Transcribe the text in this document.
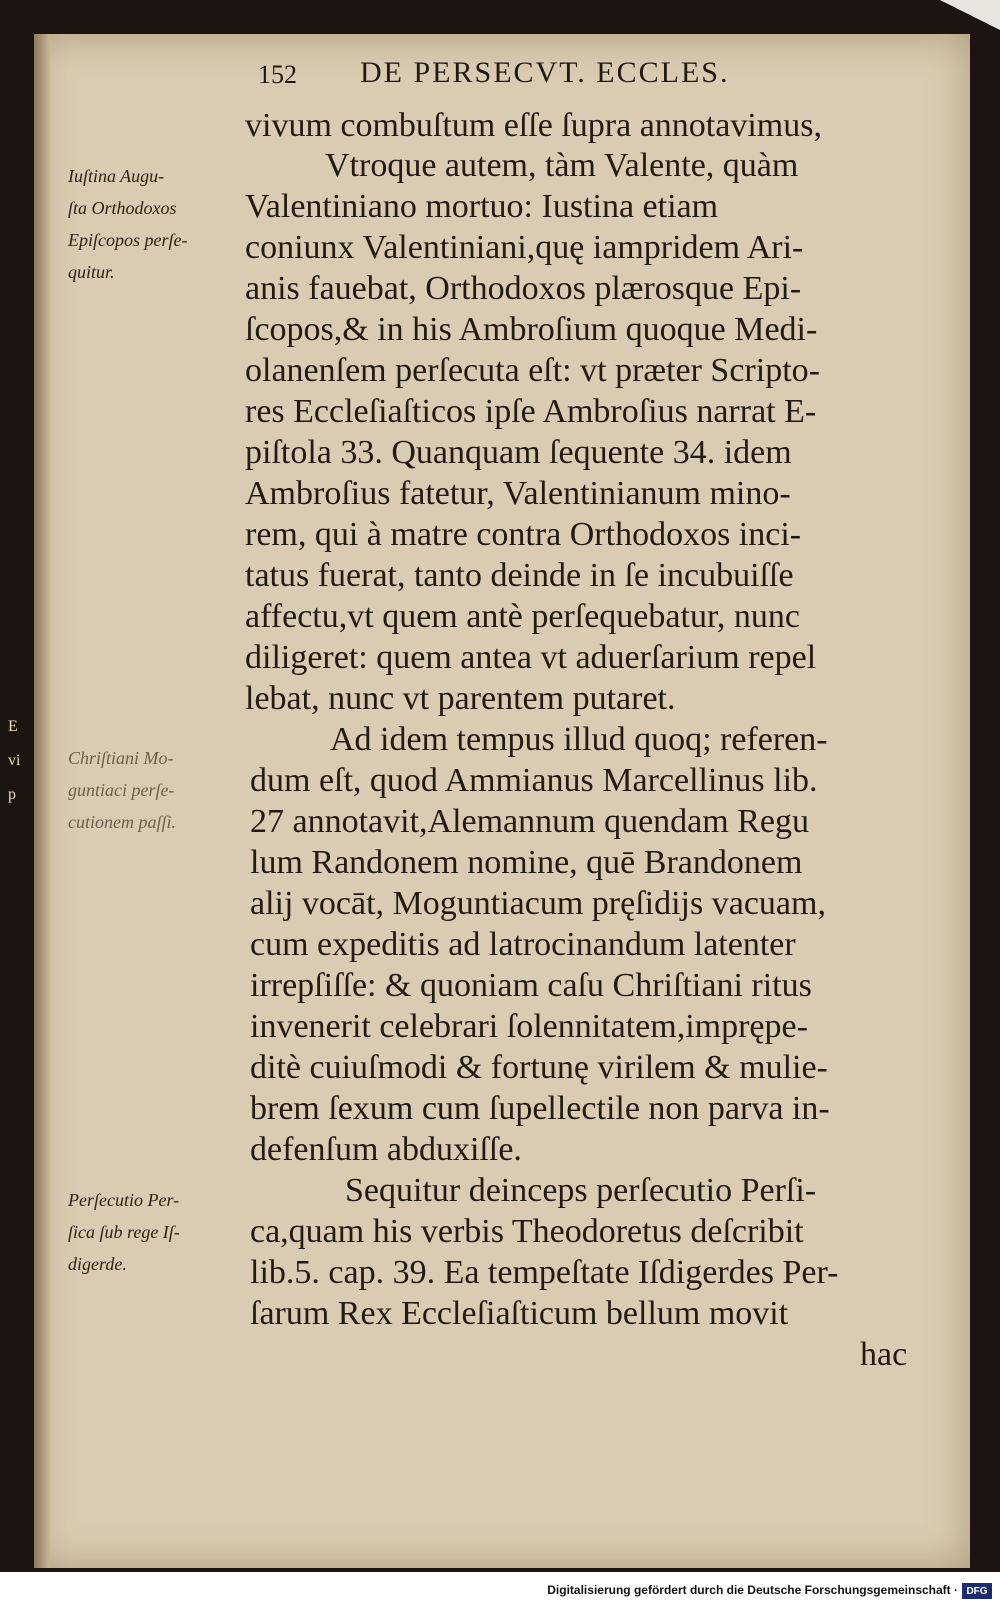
E
vi
p
152 DE PERSECVT. ECCLES.
Iuſtina Augu-
ſta Orthodoxos
Epiſcopos perſe-
quitur.
Chriſtiani Mo-
guntiaci perſe-
cutionem paſſi.
Perſecutio Per-
ſica ſub rege Iſ-
digerde.
vivum combuſtum eſſe ſupra annotavimus,
Vtroque autem, tàm Valente, quàm
Valentiniano mortuo: Iustina etiam
coniunx Valentiniani,quę iampridem Ari-
anis fauebat, Orthodoxos plærosque Epi-
ſcopos,& in his Ambroſium quoque Medi-
olanenſem perſecuta eſt: vt præter Scripto-
res Eccleſiaſticos ipſe Ambroſius narrat E-
piſtola 33. Quanquam ſequente 34. idem
Ambroſius fatetur, Valentinianum mino-
rem, qui à matre contra Orthodoxos inci-
tatus fuerat, tanto deinde in ſe incubuiſſe
affectu,vt quem antè perſequebatur, nunc
diligeret: quem antea vt aduerſarium repel
lebat, nunc vt parentem putaret.
Ad idem tempus illud quoq; referen-
dum eſt, quod Ammianus Marcellinus lib.
27 annotavit,Alemannum quendam Regu
lum Randonem nomine, quē Brandonem
alij vocāt, Moguntiacum pręſidijs vacuam,
cum expeditis ad latrocinandum latenter
irrepſiſſe: & quoniam caſu Chriſtiani ritus
invenerit celebrari ſolennitatem,imprępe-
ditè cuiuſmodi & fortunę virilem & mulie-
brem ſexum cum ſupellectile non parva in-
defenſum abduxiſſe.
Sequitur deinceps perſecutio Perſi-
ca,quam his verbis Theodoretus deſcribit
lib.5. cap. 39. Ea tempeſtate Iſdigerdes Per-
ſarum Rex Eccleſiaſticum bellum movit
hac
Digitalisierung gefördert durch die Deutsche Forschungsgemeinschaft · DFG
